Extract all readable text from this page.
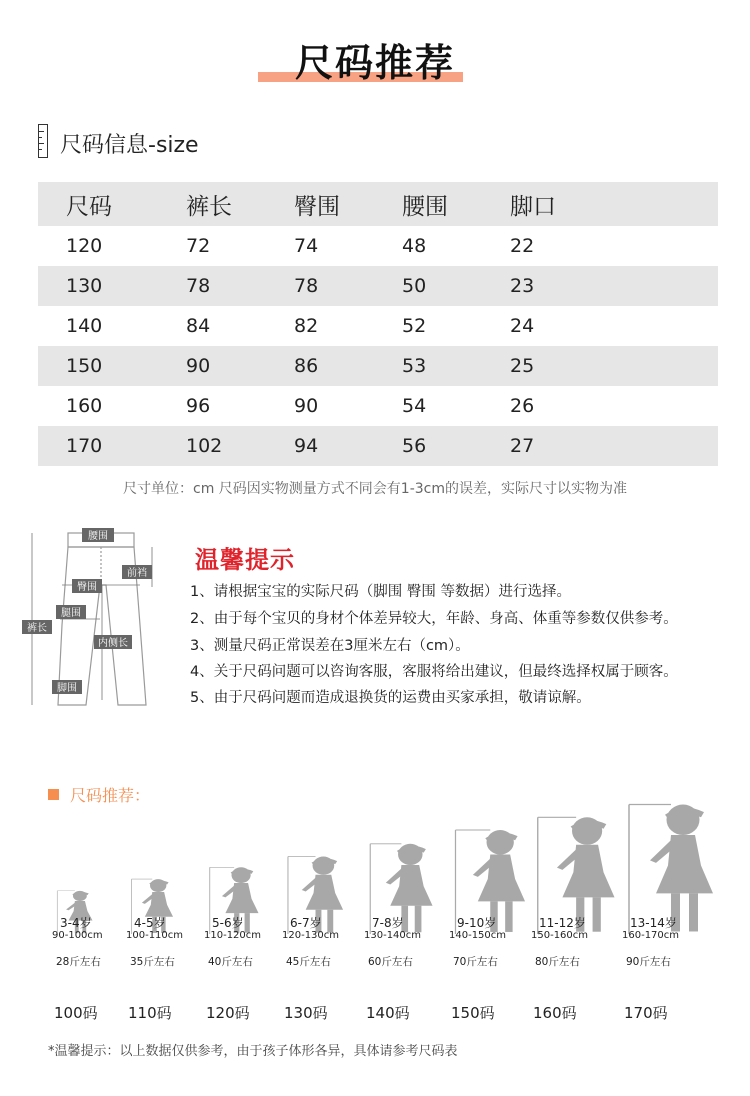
尺码推荐
尺码信息-size
尺码	裤长	臀围	腰围	脚口
120	72	74	48	22
130	78	78	50	23
140	84	82	52	24
150	90	86	53	25
160	96	90	54	26
170	102	94	56	27
尺寸单位：cm 尺码因实物测量方式不同会有1-3cm的误差，实际尺寸以实物为准
腰围
前裆
臀围
腿围
裤长
内侧长
脚围
温馨提示
1、请根据宝宝的实际尺码（脚围 臀围 等数据）进行选择。
2、由于每个宝贝的身材个体差异较大，年龄、身高、体重等参数仅供参考。
3、测量尺码正常误差在3厘米左右（cm）。
4、关于尺码问题可以咨询客服，客服将给出建议，但最终选择权属于顾客。
5、由于尺码问题而造成退换货的运费由买家承担，敬请谅解。
尺码推荐：
3-4岁
90-100cm
28斤左右
100码
4-5岁
100-110cm
35斤左右
110码
5-6岁
110-120cm
40斤左右
120码
6-7岁
120-130cm
45斤左右
130码
7-8岁
130-140cm
60斤左右
140码
9-10岁
140-150cm
70斤左右
150码
11-12岁
150-160cm
80斤左右
160码
13-14岁
160-170cm
90斤左右
170码
*温馨提示：以上数据仅供参考，由于孩子体形各异，具体请参考尺码表
